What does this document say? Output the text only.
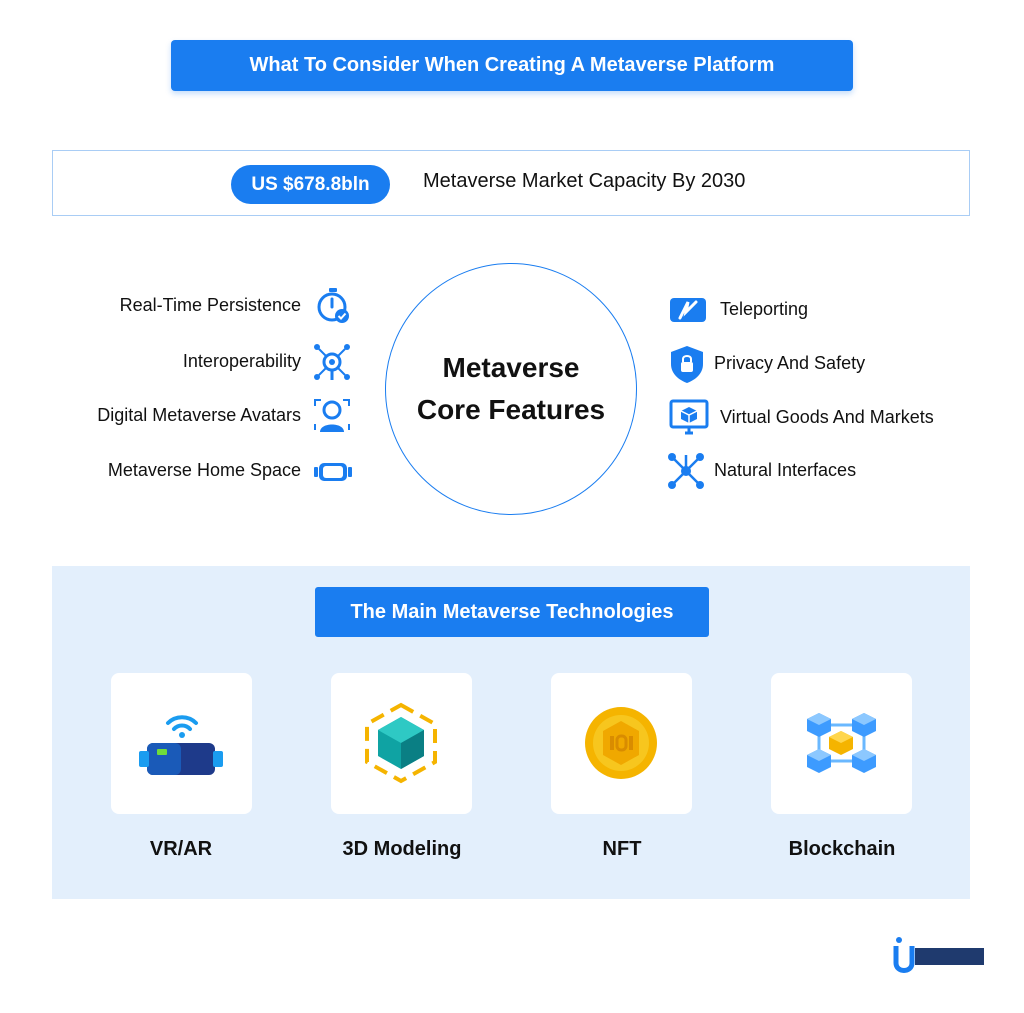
What To Consider When Creating A Metaverse Platform
US $678.8bln	Metaverse Market Capacity By 2030
Metaverse
Core Features
Real-Time Persistence
Interoperability
Digital Metaverse Avatars
Metaverse Home Space
Teleporting
Privacy And Safety
Virtual Goods And Markets
Natural Interfaces
The Main Metaverse Technologies
VR/AR	3D Modeling	NFT	Blockchain
